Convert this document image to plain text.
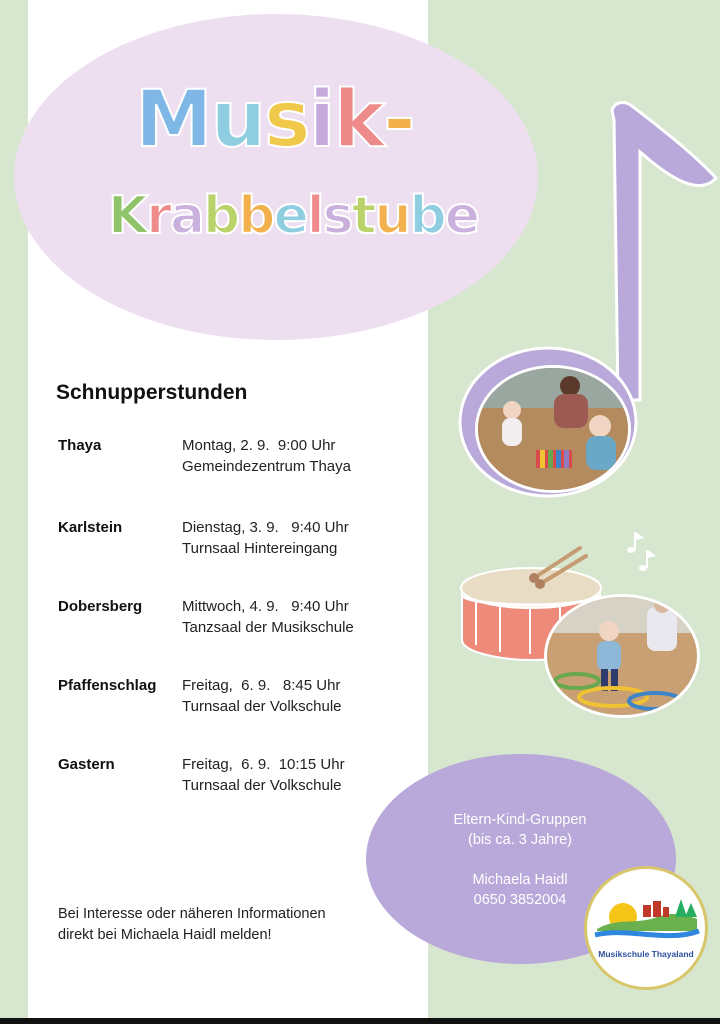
Musik-
Krabbelstube
Schnupperstunden
Thaya	Montag, 2. 9.  9:00 Uhr
Gemeindezentrum Thaya
Karlstein	Dienstag, 3. 9.   9:40 Uhr
Turnsaal Hintereingang
Dobersberg	Mittwoch, 4. 9.   9:40 Uhr
Tanzsaal der Musikschule
Pfaffenschlag Freitag,  6. 9.   8:45 Uhr
Turnsaal der Volkschule
Gastern	Freitag,  6. 9.  10:15 Uhr
Turnsaal der Volkschule
Bei Interesse oder näheren Informationen
direkt bei Michaela Haidl melden!
Eltern-Kind-Gruppen
(bis ca. 3 Jahre)
Michaela Haidl
0650 3852004
Musikschule Thayaland
